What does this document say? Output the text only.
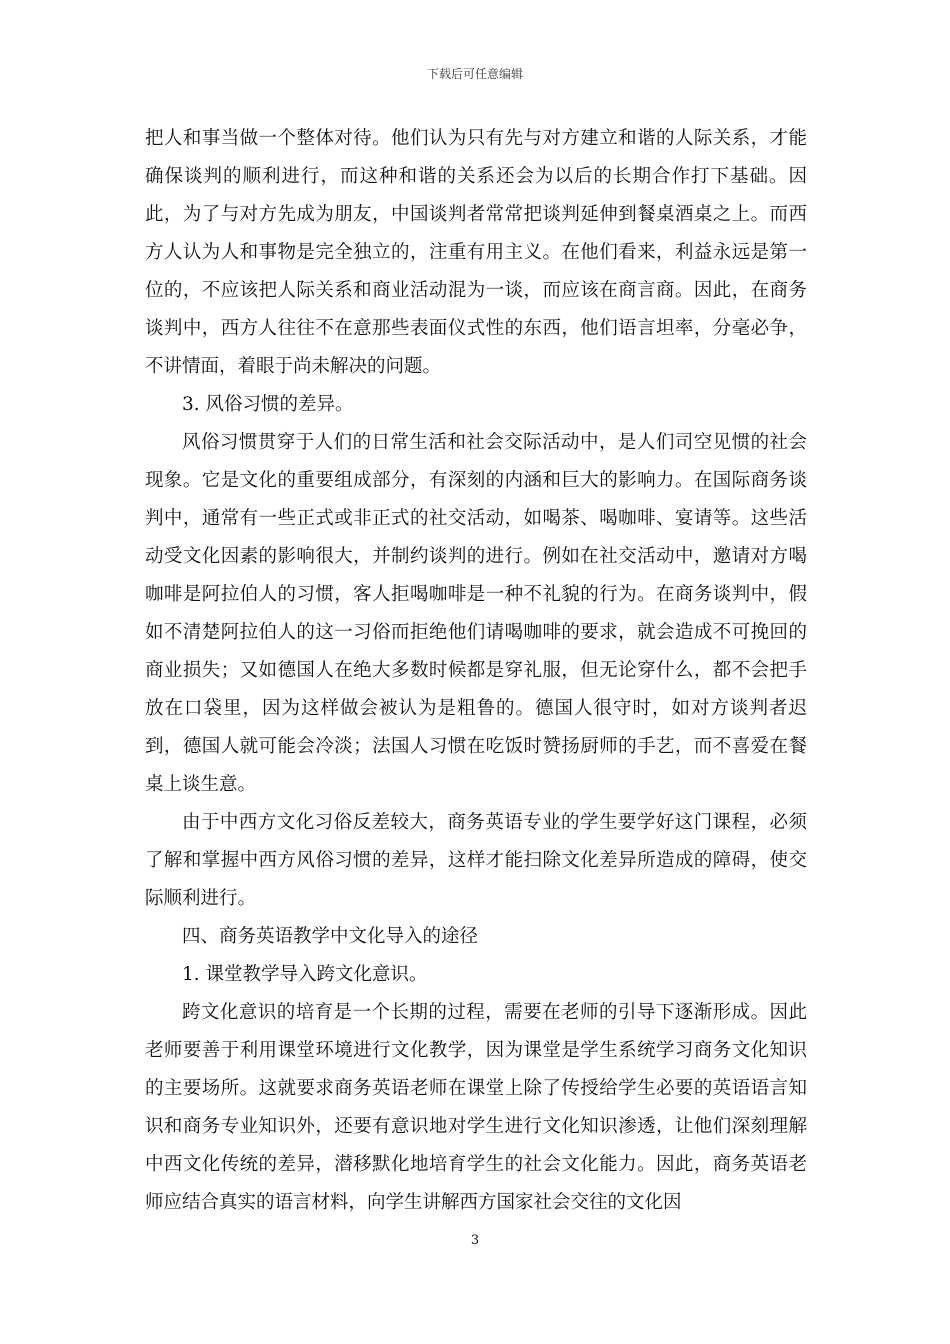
下载后可任意编辑

把人和事当做一个整体对待。他们认为只有先与对方建立和谐的人际关系，才能确保谈判的顺利进行，而这种和谐的关系还会为以后的长期合作打下基础。因此，为了与对方先成为朋友，中国谈判者常常把谈判延伸到餐桌酒桌之上。而西方人认为人和事物是完全独立的，注重有用主义。在他们看来，利益永远是第一位的，不应该把人际关系和商业活动混为一谈，而应该在商言商。因此，在商务谈判中，西方人往往不在意那些表面仪式性的东西，他们语言坦率，分毫必争，不讲情面，着眼于尚未解决的问题。

3. 风俗习惯的差异。

风俗习惯贯穿于人们的日常生活和社会交际活动中，是人们司空见惯的社会现象。它是文化的重要组成部分，有深刻的内涵和巨大的影响力。在国际商务谈判中，通常有一些正式或非正式的社交活动，如喝茶、喝咖啡、宴请等。这些活动受文化因素的影响很大，并制约谈判的进行。例如在社交活动中，邀请对方喝咖啡是阿拉伯人的习惯，客人拒喝咖啡是一种不礼貌的行为。在商务谈判中，假如不清楚阿拉伯人的这一习俗而拒绝他们请喝咖啡的要求，就会造成不可挽回的商业损失；又如德国人在绝大多数时候都是穿礼服，但无论穿什么，都不会把手放在口袋里，因为这样做会被认为是粗鲁的。德国人很守时，如对方谈判者迟到，德国人就可能会冷淡；法国人习惯在吃饭时赞扬厨师的手艺，而不喜爱在餐桌上谈生意。

由于中西方文化习俗反差较大，商务英语专业的学生要学好这门课程，必须了解和掌握中西方风俗习惯的差异，这样才能扫除文化差异所造成的障碍，使交际顺利进行。

四、商务英语教学中文化导入的途径

1. 课堂教学导入跨文化意识。

跨文化意识的培育是一个长期的过程，需要在老师的引导下逐渐形成。因此老师要善于利用课堂环境进行文化教学，因为课堂是学生系统学习商务文化知识的主要场所。这就要求商务英语老师在课堂上除了传授给学生必要的英语语言知识和商务专业知识外，还要有意识地对学生进行文化知识渗透，让他们深刻理解中西文化传统的差异，潜移默化地培育学生的社会文化能力。因此，商务英语老师应结合真实的语言材料，向学生讲解西方国家社会交往的文化因

3
